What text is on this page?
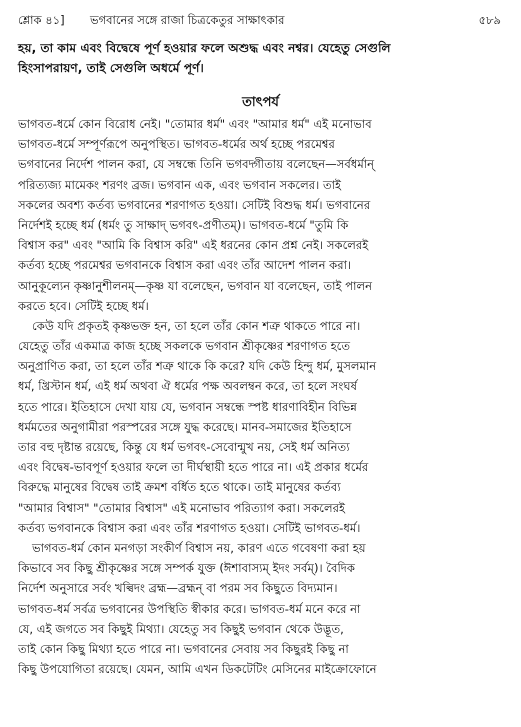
শ্লোক ৪১] ভগবানের সঙ্গে রাজা চিত্রকেতুর সাক্ষাৎকার	৫৮৯
হয়, তা কাম এবং বিদ্বেষে পূর্ণ হওয়ার ফলে অশুদ্ধ এবং নশ্বর। যেহেতু সেগুলি
হিংসাপরায়ণ, তাই সেগুলি অধর্মে পূর্ণ।
তাৎপর্য
ভাগবত-ধর্মে কোন বিরোধ নেই। "তোমার ধর্ম" এবং "আমার ধর্ম" এই মনোভাব
ভাগবত-ধর্মে সম্পূর্ণরূপে অনুপস্থিত। ভাগবত-ধর্মের অর্থ হচ্ছে পরমেশ্বর
ভগবানের নির্দেশ পালন করা, যে সম্বন্ধে তিনি ভগবদ্গীতায় বলেছেন—সর্বধর্মান্
পরিত্যজ্য মামেকং শরণং ব্রজ। ভগবান এক, এবং ভগবান সকলের। তাই
সকলের অবশ্য কর্তব্য ভগবানের শরণাগত হওয়া। সেটিই বিশুদ্ধ ধর্ম। ভগবানের
নির্দেশই হচ্ছে ধর্ম (ধর্মং তু সাক্ষাদ্ ভগবৎ-প্রণীতম্)। ভাগবত-ধর্মে "তুমি কি
বিশ্বাস কর" এবং "আমি কি বিশ্বাস করি" এই ধরনের কোন প্রশ্ন নেই। সকলেরই
কর্তব্য হচ্ছে পরমেশ্বর ভগবানকে বিশ্বাস করা এবং তাঁর আদেশ পালন করা।
আনুকূল্যেন কৃষ্ণানুশীলনম্—কৃষ্ণ যা বলেছেন, ভগবান যা বলেছেন, তাই পালন
করতে হবে। সেটিই হচ্ছে ধর্ম।
কেউ যদি প্রকৃতই কৃষ্ণভক্ত হন, তা হলে তাঁর কোন শত্রু থাকতে পারে না।
যেহেতু তাঁর একমাত্র কাজ হচ্ছে সকলকে ভগবান শ্রীকৃষ্ণের শরণাগত হতে
অনুপ্রাণিত করা, তা হলে তাঁর শত্রু থাকে কি করে? যদি কেউ হিন্দু ধর্ম, মুসলমান
ধর্ম, খ্রিস্টান ধর্ম, এই ধর্ম অথবা ঐ ধর্মের পক্ষ অবলম্বন করে, তা হলে সংঘর্ষ
হতে পারে। ইতিহাসে দেখা যায় যে, ভগবান সম্বন্ধে স্পষ্ট ধারণাবিহীন বিভিন্ন
ধর্মমতের অনুগামীরা পরস্পরের সঙ্গে যুদ্ধ করেছে। মানব-সমাজের ইতিহাসে
তার বহু দৃষ্টান্ত রয়েছে, কিন্তু যে ধর্ম ভগবৎ-সেবোন্মুখ নয়, সেই ধর্ম অনিত্য
এবং বিদ্বেষ-ভাবপূর্ণ হওয়ার ফলে তা দীর্ঘস্থায়ী হতে পারে না। এই প্রকার ধর্মের
বিরুদ্ধে মানুষের বিদ্বেষ তাই ক্রমশ বর্ধিত হতে থাকে। তাই মানুষের কর্তব্য
"আমার বিশ্বাস" "তোমার বিশ্বাস" এই মনোভাব পরিত্যাগ করা। সকলেরই
কর্তব্য ভগবানকে বিশ্বাস করা এবং তাঁর শরণাগত হওয়া। সেটিই ভাগবত-ধর্ম।
ভাগবত-ধর্ম কোন মনগড়া সংকীর্ণ বিশ্বাস নয়, কারণ এতে গবেষণা করা হয়
কিভাবে সব কিছু শ্রীকৃষ্ণের সঙ্গে সম্পর্ক যুক্ত (ঈশাবাস্যম্ ইদং সর্বম্)। বৈদিক
নির্দেশ অনুসারে সর্বং খল্বিদং ব্রহ্ম—ব্রহ্মন্ বা পরম সব কিছুতে বিদ্যমান।
ভাগবত-ধর্ম সর্বত্র ভগবানের উপস্থিতি স্বীকার করে। ভাগবত-ধর্ম মনে করে না
যে, এই জগতে সব কিছুই মিথ্যা। যেহেতু সব কিছুই ভগবান থেকে উদ্ভূত,
তাই কোন কিছু মিথ্যা হতে পারে না। ভগবানের সেবায় সব কিছুরই কিছু না
কিছু উপযোগিতা রয়েছে। যেমন, আমি এখন ডিকটেটিং মেসিনের মাইক্রোফোনে
